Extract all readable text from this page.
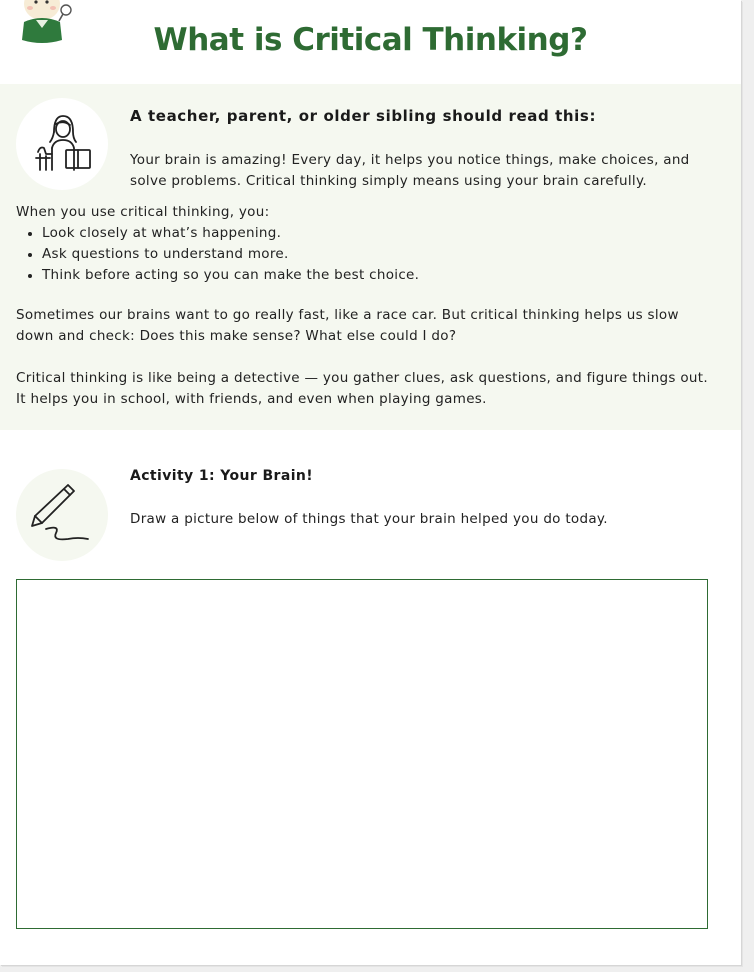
What is Critical Thinking?
A teacher, parent, or older sibling should read this:

Your brain is amazing! Every day, it helps you notice things, make choices, and solve problems. Critical thinking simply means using your brain carefully.

When you use critical thinking, you:

Look closely at what’s happening.
Ask questions to understand more.
Think before acting so you can make the best choice.

Sometimes our brains want to go really fast, like a race car. But critical thinking helps us slow down and check: Does this make sense? What else could I do?

Critical thinking is like being a detective — you gather clues, ask questions, and figure things out. It helps you in school, with friends, and even when playing games.

Activity 1: Your Brain!

Draw a picture below of things that your brain helped you do today.
